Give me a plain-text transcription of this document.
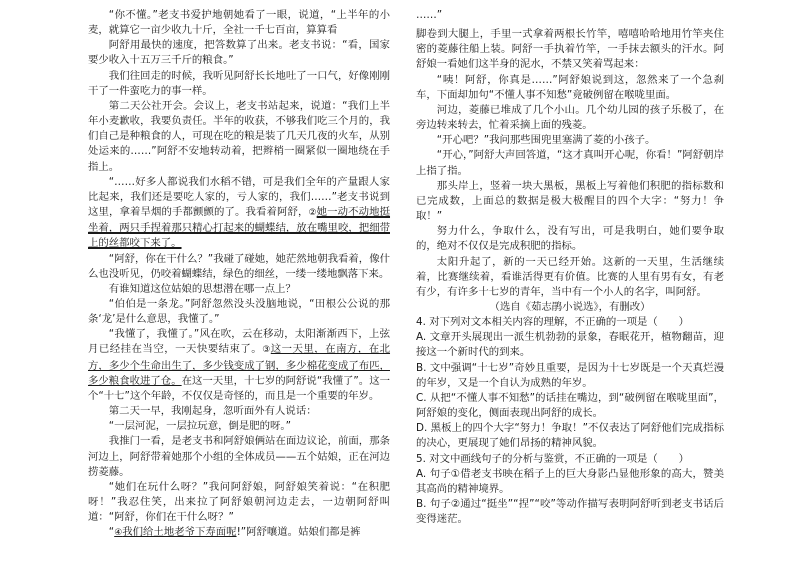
“你不懂。”老支书爱护地朝她看了一眼，说道，“上半年的小麦，就算它一亩少收九十斤，全社一千七百亩，算算看

阿舒用最快的速度，把答数算了出来。老支书说：“看，国家要少收入十五万三千斤的粮食。”

我们往回走的时候，我听见阿舒长长地吐了一口气，好像刚刚干了一件蛮吃力的事一样。

第二天公社开会。会议上，老支书站起来，说道：“我们上半年小麦歉收，我要负责任。半年的收获，不够我们吃三个月的，我们自己是种粮食的人，可现在吃的粮是装了几天几夜的火车，从别处运来的……”阿舒不安地转动着，把辫梢一圈紧似一圈地绕在手指上。

“……好多人都说我们水稻不错，可是我们全年的产量跟人家比起来，我们还是要吃人家的，亏人家的，我们……”老支书说到这里，拿着旱烟的手都颤颤的了。我看着阿舒，②她一动不动地挺坐着，两只手捏着那只精心打起来的蝴蝶结，放在嘴里咬，把细带上的丝都咬下来了。

“阿舒，你在干什么？”我碰了碰她，她茫然地朝我看着，像什么也没听见，仍咬着蝴蝶结，绿色的细丝，一缕一缕地飘落下来。

有谁知道这位姑娘的思想潜在哪一点上？

“伯伯是一条龙。”阿舒忽然没头没脑地说，“田根公公说的那条‘龙’是什么意思，我懂了。”

“我懂了，我懂了。”风在吹，云在移动，太阳渐渐西下，上弦月已经挂在当空，一天快要结束了。③这一天里，在南方，在北方，多少个生命出生了，多少钱变成了钢，多少棉花变成了布匹，多少粮食收进了仓。在这一天里，十七岁的阿舒说“我懂了”。这一个“十七”这个年龄，不仅仅是奇怪的，而且是一个重要的年岁。

第二天一早，我刚起身，忽听面外有人说话：

“一层河泥，一层拉玩意，倒是肥的呀。”

我推门一看，是老支书和阿舒娘俩站在面边议论，前面，那条河边上，阿舒带着她那个小组的全体成员——五个姑娘，正在河边捞菱藤。

“她们在玩什么呀？”我问阿舒娘，阿舒娘笑着说：“在积肥呀！”我忍住笑，出来拉了阿舒娘朝河边走去，一边朝阿舒叫道：“阿舒，你们在干什么呀？”

“④我们给土地老爷下寿面呢!”阿舒嚷道。姑娘们都是裤

……”

脚卷到大腿上，手里一式拿着两根长竹竿，嘻嘻哈哈地用竹竿夹住密的菱藤往船上装。阿舒一手执着竹竿，一手抹去额头的汗水。阿舒娘一看她们这半身的泥水，不禁又笑着骂起来：

“咦！阿舒，你真是……”阿舒娘说到这，忽然来了一个急刹车，下面却加句“不懂人事不知愁”竟破例留在喉咙里面。

河边，菱藤已堆成了几个小山。几个幼儿园的孩子乐极了，在旁边转来转去，忙着采摘上面的残菱。

“开心吧？”我问那些围兜里塞满了菱的小孩子。

“开心，”阿舒大声回答道，“这才真叫开心呢，你看！”阿舒朝岸上指了指。

那头岸上，竖着一块大黑板，黑板上写着他们积肥的指标数和已完成数，上面总的数据是极大极醒目的四个大字：“努力！争取！”

努力什么，争取什么，没有写出，可是我明白，她们要争取的，绝对不仅仅是完成积肥的指标。

太阳升起了，新的一天已经开始。这新的一天里，生活继续着，比赛继续着，看谁活得更有价值。比赛的人里有男有女，有老有少，有许多十七岁的青年，当中有一个小人的名字，叫阿舒。

（选自《茹志鹃小说选》，有删改）

4. 对下列对文本相关内容的理解，不正确的一项是（　　）

A. 文章开头展现出一派生机勃勃的景象，春眠花开，植物翻苗，迎接这一个新时代的到来。

B. 文中强调“十七岁”奇妙且重要，是因为十七岁既是一个天真烂漫的年岁，又是一个自认为成熟的年岁。

C. 从把“不懂人事不知愁”的话挂在嘴边，到“破例留在喉咙里面”，阿舒娘的变化，侧面表现出阿舒的成长。

D. 黑板上的四个大字“努力！争取！”不仅表达了阿舒他们完成指标的决心，更展现了她们昂扬的精神风貌。

5. 对文中画线句子的分析与鉴赏，不正确的一项是（　　）

A. 句子①借老支书映在稻子上的巨大身影凸显他形象的高大，赞美其高尚的精神境界。

B. 句子②通过“挺坐”“捏”“咬”等动作描写表明阿舒听到老支书话后变得迷茫。
